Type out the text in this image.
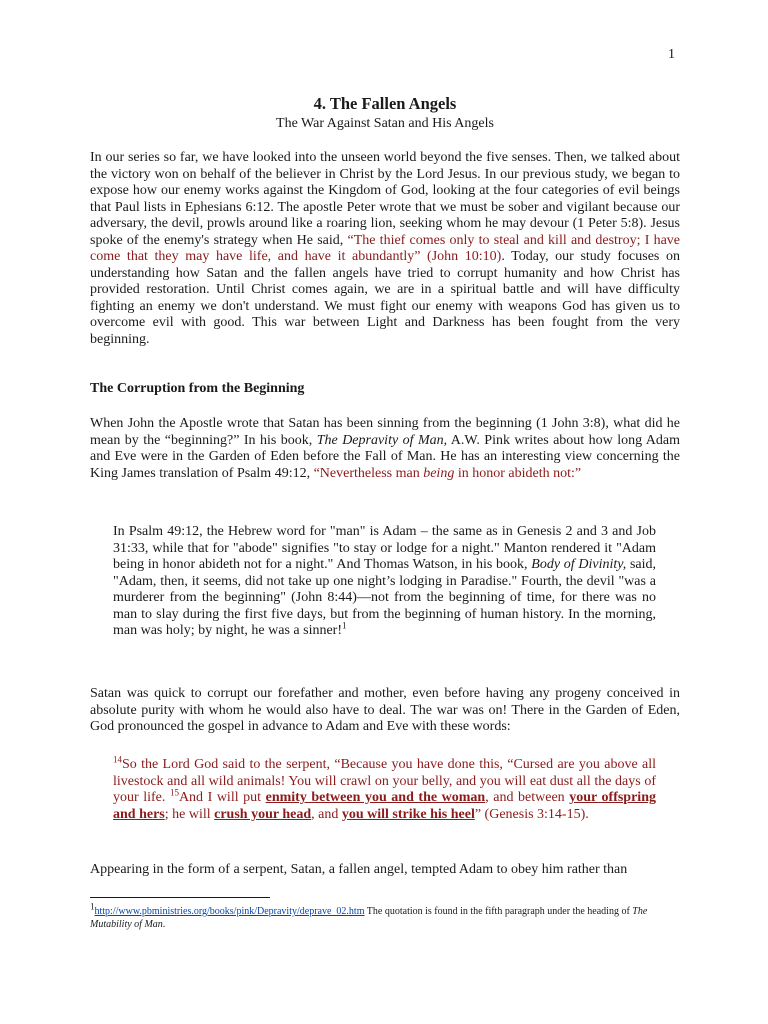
1
4. The Fallen Angels
The War Against Satan and His Angels
In our series so far, we have looked into the unseen world beyond the five senses. Then, we talked about the victory won on behalf of the believer in Christ by the Lord Jesus. In our previous study, we began to expose how our enemy works against the Kingdom of God, looking at the four categories of evil beings that Paul lists in Ephesians 6:12. The apostle Peter wrote that we must be sober and vigilant because our adversary, the devil, prowls around like a roaring lion, seeking whom he may devour (1 Peter 5:8). Jesus spoke of the enemy's strategy when He said, “The thief comes only to steal and kill and destroy; I have come that they may have life, and have it abundantly” (John 10:10). Today, our study focuses on understanding how Satan and the fallen angels have tried to corrupt humanity and how Christ has provided restoration. Until Christ comes again, we are in a spiritual battle and will have difficulty fighting an enemy we don't understand. We must fight our enemy with weapons God has given us to overcome evil with good. This war between Light and Darkness has been fought from the very beginning.
The Corruption from the Beginning
When John the Apostle wrote that Satan has been sinning from the beginning (1 John 3:8), what did he mean by the “beginning?” In his book, The Depravity of Man, A.W. Pink writes about how long Adam and Eve were in the Garden of Eden before the Fall of Man. He has an interesting view concerning the King James translation of Psalm 49:12, “Nevertheless man being in honor abideth not:”
In Psalm 49:12, the Hebrew word for "man" is Adam – the same as in Genesis 2 and 3 and Job 31:33, while that for "abode" signifies "to stay or lodge for a night." Manton rendered it "Adam being in honor abideth not for a night." And Thomas Watson, in his book, Body of Divinity, said, "Adam, then, it seems, did not take up one night’s lodging in Paradise." Fourth, the devil "was a murderer from the beginning" (John 8:44)—not from the beginning of time, for there was no man to slay during the first five days, but from the beginning of human history. In the morning, man was holy; by night, he was a sinner!$^1$
Satan was quick to corrupt our forefather and mother, even before having any progeny conceived in absolute purity with whom he would also have to deal. The war was on! There in the Garden of Eden, God pronounced the gospel in advance to Adam and Eve with these words:
$^{14}$So the Lord God said to the serpent, “Because you have done this, “Cursed are you above all livestock and all wild animals! You will crawl on your belly, and you will eat dust all the days of your life. $^{15}$And I will put enmity between you and the woman, and between your offspring and hers; he will crush your head, and you will strike his heel” (Genesis 3:14-15).
Appearing in the form of a serpent, Satan, a fallen angel, tempted Adam to obey him rather than
1http://www.pbministries.org/books/pink/Depravity/deprave_02.htm The quotation is found in the fifth paragraph under the heading of The Mutability of Man.
